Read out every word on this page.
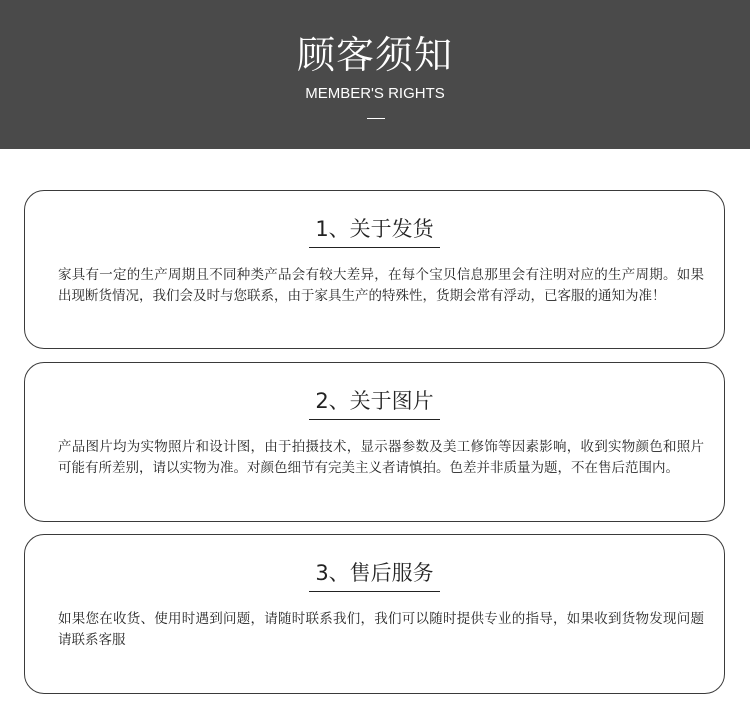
顾客须知
MEMBER'S RIGHTS
1、关于发货
家具有一定的生产周期且不同种类产品会有较大差异，在每个宝贝信息那里会有注明对应的生产周期。如果出现断货情况，我们会及时与您联系，由于家具生产的特殊性，货期会常有浮动，已客服的通知为准！
2、关于图片
产品图片均为实物照片和设计图，由于拍摄技术，显示器参数及美工修饰等因素影响，收到实物颜色和照片可能有所差别，请以实物为准。对颜色细节有完美主义者请慎拍。色差并非质量为题，不在售后范围内。
3、售后服务
如果您在收货、使用时遇到问题，请随时联系我们，我们可以随时提供专业的指导，如果收到货物发现问题请联系客服
